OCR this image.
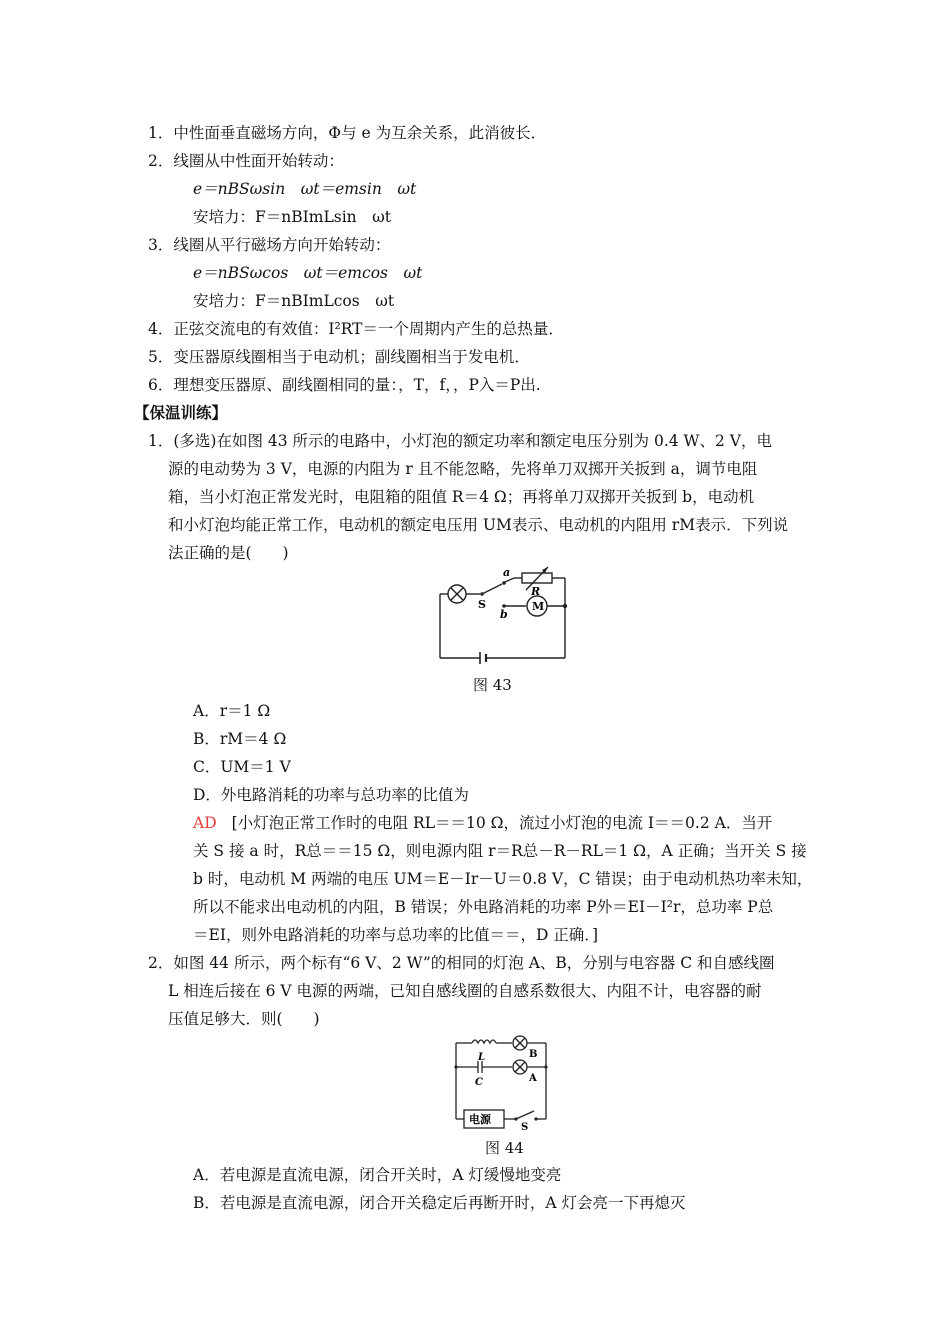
1．中性面垂直磁场方向，Φ与 e 为互余关系，此消彼长．
2．线圈从中性面开始转动：
e＝nBSωsin　ωt＝emsin　ωt
安培力：F＝nBImLsin　ωt
3．线圈从平行磁场方向开始转动：
e＝nBSωcos　ωt＝emcos　ωt
安培力：F＝nBImLcos　ωt
4．正弦交流电的有效值：I²RT＝一个周期内产生的总热量．
5．变压器原线圈相当于电动机；副线圈相当于发电机．
6．理想变压器原、副线圈相同的量：，T，f，，P入＝P出.
【保温训练】
1．(多选)在如图 43 所示的电路中，小灯泡的额定功率和额定电压分别为 0.4 W、2 V，电
源的电动势为 3 V，电源的内阻为 r 且不能忽略，先将单刀双掷开关扳到 a，调节电阻
箱，当小灯泡正常发光时，电阻箱的阻值 R＝4 Ω；再将单刀双掷开关扳到 b，电动机
和小灯泡均能正常工作，电动机的额定电压用 UM表示、电动机的内阻用 rM表示．下列说
法正确的是(　　)
a
S
R
M
b
图 43
A．r＝1 Ω
B．rM＝4 Ω
C．UM＝1 V
D．外电路消耗的功率与总功率的比值为
AD [小灯泡正常工作时的电阻 RL＝＝10 Ω，流过小灯泡的电流 I＝＝0.2 A．当开
关 S 接 a 时，R总＝＝15 Ω，则电源内阻 r＝R总－R－RL＝1 Ω，A 正确；当开关 S 接
b 时，电动机 M 两端的电压 UM＝E－Ir－U＝0.8 V，C 错误；由于电动机热功率未知，
所以不能求出电动机的内阻，B 错误；外电路消耗的功率 P外＝EI－I²r，总功率 P总
＝EI，则外电路消耗的功率与总功率的比值＝＝，D 正确．]
2．如图 44 所示，两个标有“6 V、2 W”的相同的灯泡 A、B，分别与电容器 C 和自感线圈
L 相连后接在 6 V 电源的两端，已知自感线圈的自感系数很大、内阻不计，电容器的耐
压值足够大．则(　　)
L	B
C	A
电源
S
图 44
A．若电源是直流电源，闭合开关时，A 灯缓慢地变亮
B．若电源是直流电源，闭合开关稳定后再断开时，A 灯会亮一下再熄灭
